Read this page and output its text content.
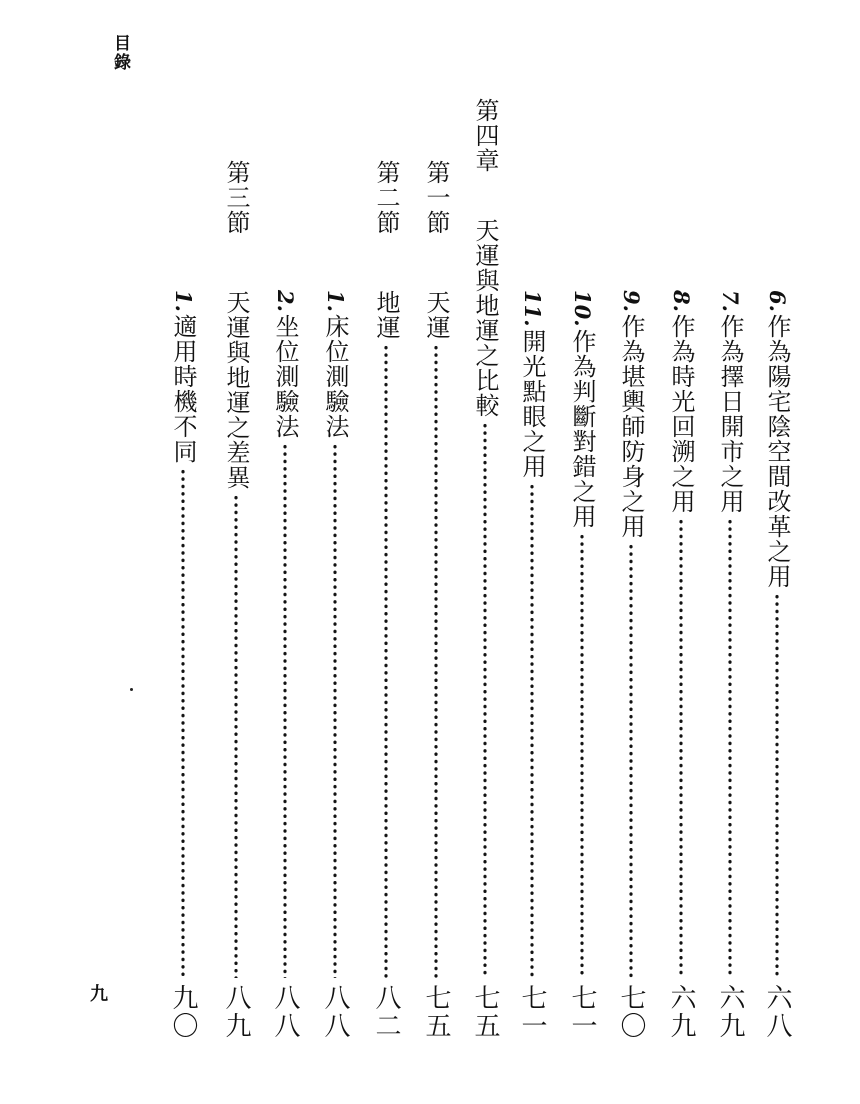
目錄
九
6.
作為陽宅陰空間改革之用
六八
7.
作為擇日開市之用
六九
8.
作為時光回溯之用
六九
9.
作為堪輿師防身之用
七〇
10.
作為判斷對錯之用
七一
11.
開光點眼之用
七一
第四章
天運與地運之比較
七五
第一節
天運
七五
第二節
地運
八二
1.
床位測驗法
八八
2.
坐位測驗法
八八
第三節
天運與地運之差異
八九
1.
適用時機不同
九〇
